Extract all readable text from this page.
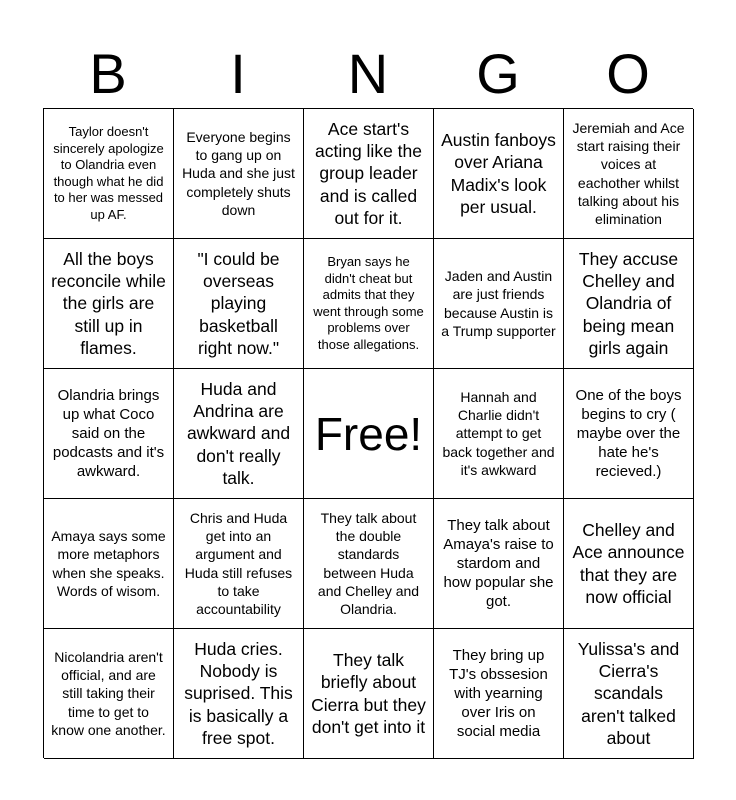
B	I	N	G	O
Taylor doesn't sincerely apologize to Olandria even though what he did to her was messed up AF.
Everyone begins to gang up on Huda and she just completely shuts down
Ace start's acting like the group leader and is called out for it.
Austin fanboys over Ariana Madix's look per usual.
Jeremiah and Ace start raising their voices at eachother whilst talking about his elimination
All the boys reconcile while the girls are still up in flames.
"I could be overseas playing basketball right now."
Bryan says he didn't cheat but admits that they went through some problems over those allegations.
Jaden and Austin are just friends because Austin is a Trump supporter
They accuse Chelley and Olandria of being mean girls again
Olandria brings up what Coco said on the podcasts and it's awkward.
Huda and Andrina are awkward and don't really talk.
Free!
Hannah and Charlie didn't attempt to get back together and it's awkward
One of the boys begins to cry ( maybe over the hate he's recieved.)
Amaya says some more metaphors when she speaks. Words of wisom.
Chris and Huda get into an argument and Huda still refuses to take accountability
They talk about the double standards between Huda and Chelley and Olandria.
They talk about Amaya's raise to stardom and how popular she got.
Chelley and Ace announce that they are now official
Nicolandria aren't official, and are still taking their time to get to know one another.
Huda cries. Nobody is suprised. This is basically a free spot.
They talk briefly about Cierra but they don't get into it
They bring up TJ's obssesion with yearning over Iris on social media
Yulissa's and Cierra's scandals aren't talked about
